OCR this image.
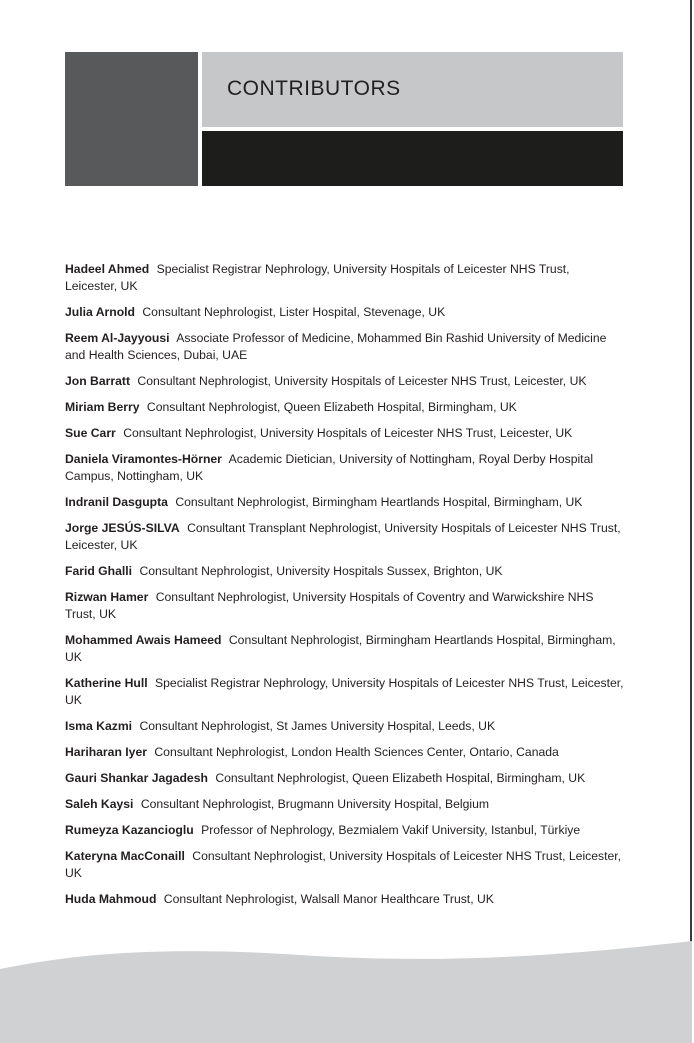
CONTRIBUTORS
Hadeel Ahmed Specialist Registrar Nephrology, University Hospitals of Leicester NHS Trust, Leicester, UK
Julia Arnold Consultant Nephrologist, Lister Hospital, Stevenage, UK
Reem Al-Jayyousi Associate Professor of Medicine, Mohammed Bin Rashid University of Medicine and Health Sciences, Dubai, UAE
Jon Barratt Consultant Nephrologist, University Hospitals of Leicester NHS Trust, Leicester, UK
Miriam Berry Consultant Nephrologist, Queen Elizabeth Hospital, Birmingham, UK
Sue Carr Consultant Nephrologist, University Hospitals of Leicester NHS Trust, Leicester, UK
Daniela Viramontes-Hörner Academic Dietician, University of Nottingham, Royal Derby Hospital Campus, Nottingham, UK
Indranil Dasgupta Consultant Nephrologist, Birmingham Heartlands Hospital, Birmingham, UK
Jorge JESÚS-SILVA Consultant Transplant Nephrologist, University Hospitals of Leicester NHS Trust, Leicester, UK
Farid Ghalli Consultant Nephrologist, University Hospitals Sussex, Brighton, UK
Rizwan Hamer Consultant Nephrologist, University Hospitals of Coventry and Warwickshire NHS Trust, UK
Mohammed Awais Hameed Consultant Nephrologist, Birmingham Heartlands Hospital, Birmingham, UK
Katherine Hull Specialist Registrar Nephrology, University Hospitals of Leicester NHS Trust, Leicester, UK
Isma Kazmi Consultant Nephrologist, St James University Hospital, Leeds, UK
Hariharan Iyer Consultant Nephrologist, London Health Sciences Center, Ontario, Canada
Gauri Shankar Jagadesh Consultant Nephrologist, Queen Elizabeth Hospital, Birmingham, UK
Saleh Kaysi Consultant Nephrologist, Brugmann University Hospital, Belgium
Rumeyza Kazancioglu Professor of Nephrology, Bezmialem Vakif University, Istanbul, Türkiye
Kateryna MacConaill Consultant Nephrologist, University Hospitals of Leicester NHS Trust, Leicester, UK
Huda Mahmoud Consultant Nephrologist, Walsall Manor Healthcare Trust, UK
